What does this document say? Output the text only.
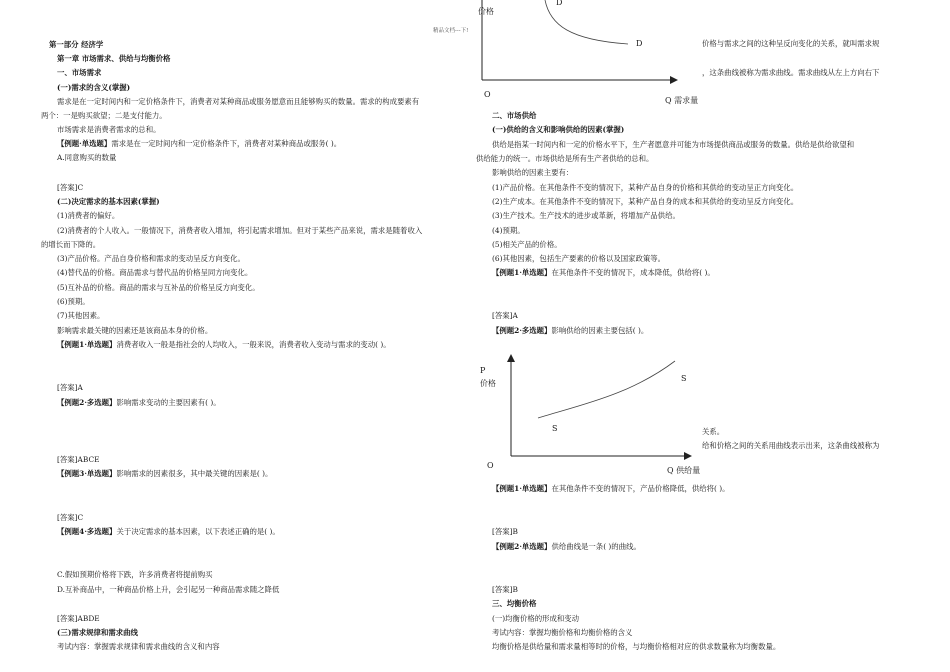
精品文档---下!
第一部分 经济学
第一章 市场需求、供给与均衡价格
一、市场需求
(一)需求的含义(掌握)
需求是在一定时间内和一定价格条件下，消费者对某种商品或服务愿意而且能够购买的数量。需求的构成要素有
两个：一是购买欲望；二是支付能力。
市场需求是消费者需求的总和。
【例题·单选题】需求是在一定时间内和一定价格条件下，消费者对某种商品或服务( )。
A.同意购买的数量
[答案]C
(二)决定需求的基本因素(掌握)
(1)消费者的偏好。
(2)消费者的个人收入。一般情况下，消费者收入增加，将引起需求增加。但对于某些产品来说，需求是随着收入
的增长而下降的。
(3)产品价格。产品自身价格和需求的变动呈反方向变化。
(4)替代品的价格。商品需求与替代品的价格呈同方向变化。
(5)互补品的价格。商品的需求与互补品的价格呈反方向变化。
(6)预期。
(7)其他因素。
影响需求最关键的因素还是该商品本身的价格。
【例题1·单选题】消费者收入一般是指社会的人均收入，一般来说，消费者收入变动与需求的变动( )。
[答案]A
【例题2·多选题】影响需求变动的主要因素有( )。
[答案]ABCE
【例题3·单选题】影响需求的因素很多，其中最关键的因素是( )。
[答案]C
【例题4·多选题】关于决定需求的基本因素，以下表述正确的是( )。
C.假如预期价格将下跌，许多消费者将提前购买
D.互补商品中，一种商品价格上升，会引起另一种商品需求随之降低
[答案]ABDE
(三)需求规律和需求曲线
考试内容：掌握需求规律和需求曲线的含义和内容
D
D
价格
O
Q 需求量
价格与需求之间的这种呈反向变化的关系，就叫需求规
，这条曲线被称为需求曲线。需求曲线从左上方向右下
二、市场供给
(一)供给的含义和影响供给的因素(掌握)
供给是指某一时间内和一定的价格水平下，生产者愿意并可能为市场提供商品或服务的数量。供给是供给欲望和
供给能力的统一。市场供给是所有生产者供给的总和。
影响供给的因素主要有：
(1)产品价格。在其他条件不变的情况下，某种产品自身的价格和其供给的变动呈正方向变化。
(2)生产成本。在其他条件不变的情况下，某种产品自身的成本和其供给的变动呈反方向变化。
(3)生产技术。生产技术的进步或革新，将增加产品供给。
(4)预期。
(5)相关产品的价格。
(6)其他因素，包括生产要素的价格以及国家政策等。
【例题1·单选题】在其他条件不变的情况下，成本降低，供给将( )。
[答案]A
【例题2·多选题】影响供给的因素主要包括( )。
S
S
P
价格
O
Q 供给量
关系。
给和价格之间的关系用曲线表示出来，这条曲线被称为
【例题1·单选题】在其他条件不变的情况下，产品价格降低，供给将( )。
[答案]B
【例题2·单选题】供给曲线是一条( )的曲线。
[答案]B
三、均衡价格
(一)均衡价格的形成和变动
考试内容：掌握均衡价格和均衡价格的含义
均衡价格是供给量和需求量相等时的价格，与均衡价格相对应的供求数量称为均衡数量。
